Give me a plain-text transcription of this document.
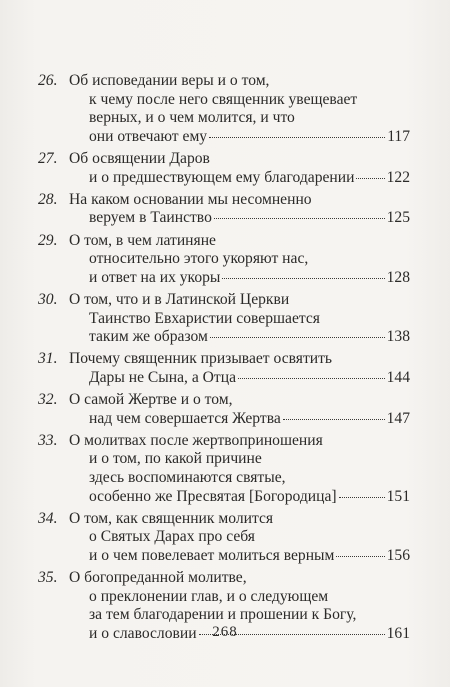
26. Об исповедании веры и о том,
к чему после него священник увещевает
верных, и о чем молится, и что
они отвечают ему	117
27. Об освящении Даров
и о предшествующем ему благодарении 122
28. На каком основании мы несомненно
веруем в Таинство	125
29. О том, в чем латиняне
относительно этого укоряют нас,
и ответ на их укоры	128
30. О том, что и в Латинской Церкви
Таинство Евхаристии совершается
таким же образом	138
31. Почему священник призывает освятить
Дары не Сына, а Отца	144
32. О самой Жертве и о том,
над чем совершается Жертва	147
33. О молитвах после жертвоприношения
и о том, по какой причине
здесь воспоминаются святые,
особенно же Пресвятая [Богородица]	151
34. О том, как священник молится
о Святых Дарах про себя
и о чем повелевает молиться верным	156
35. О богопреданной молитве,
о преклонении глав, и о следующем
за тем благодарении и прошении к Богу,
и о славословии	161
268
